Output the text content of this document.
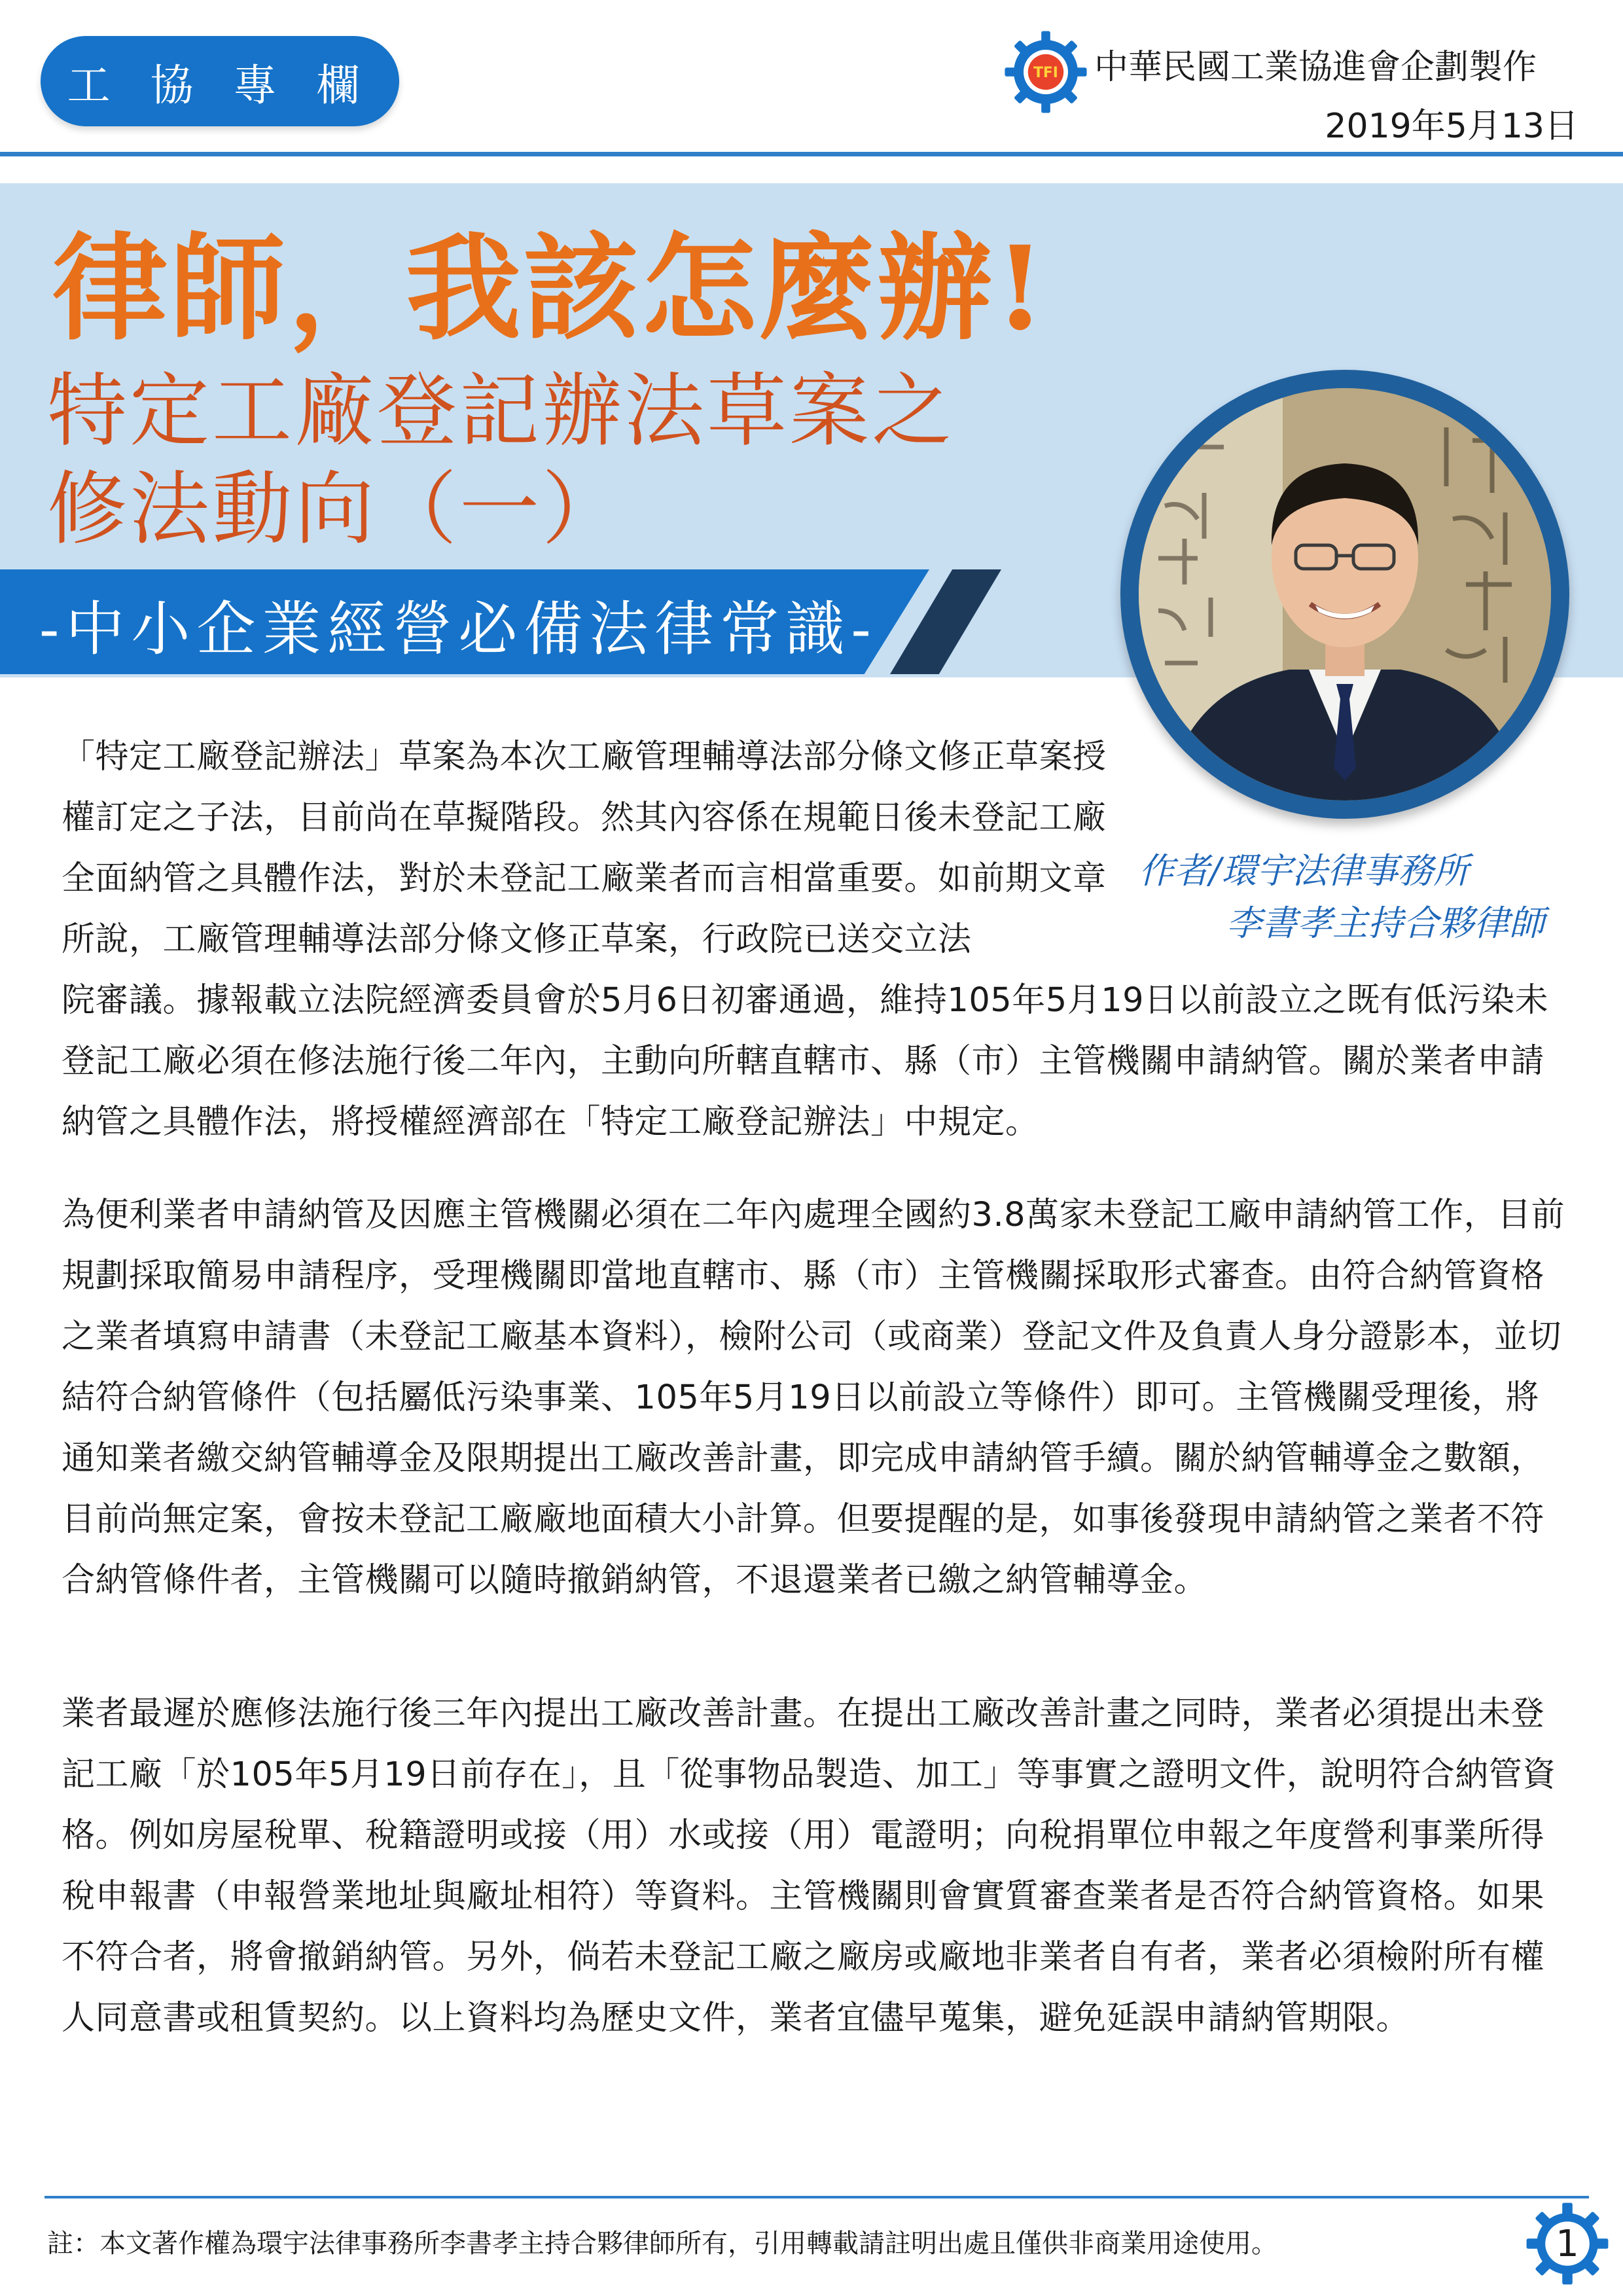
工 協 專 欄	TFI 中華民國工業協進會企劃製作
2019年5月13日
律師，我該怎麼辦!
特定工廠登記辦法草案之
修法動向（一）
-中小企業經營必備法律常識-
作者/環宇法律事務所
李書孝主持合夥律師
「特定工廠登記辦法」草案為本次工廠管理輔導法部分條文修正草案授權訂定之子法，目前尚在草擬階段。然其內容係在規範日後未登記工廠全面納管之具體作法，對於未登記工廠業者而言相當重要。如前期文章所說，工廠管理輔導法部分條文修正草案，行政院已送交立法
院審議。據報載立法院經濟委員會於5月6日初審通過，維持105年5月19日以前設立之既有低污染未登記工廠必須在修法施行後二年內，主動向所轄直轄市、縣（市）主管機關申請納管。關於業者申請納管之具體作法，將授權經濟部在「特定工廠登記辦法」中規定。
為便利業者申請納管及因應主管機關必須在二年內處理全國約3.8萬家未登記工廠申請納管工作，目前規劃採取簡易申請程序，受理機關即當地直轄市、縣（市）主管機關採取形式審查。由符合納管資格之業者填寫申請書（未登記工廠基本資料），檢附公司（或商業）登記文件及負責人身分證影本，並切結符合納管條件（包括屬低污染事業、105年5月19日以前設立等條件）即可。主管機關受理後，將通知業者繳交納管輔導金及限期提出工廠改善計畫，即完成申請納管手續。關於納管輔導金之數額，目前尚無定案，會按未登記工廠廠地面積大小計算。但要提醒的是，如事後發現申請納管之業者不符合納管條件者，主管機關可以隨時撤銷納管，不退還業者已繳之納管輔導金。
業者最遲於應修法施行後三年內提出工廠改善計畫。在提出工廠改善計畫之同時，業者必須提出未登記工廠「於105年5月19日前存在」，且「從事物品製造、加工」等事實之證明文件，說明符合納管資格。例如房屋稅單、稅籍證明或接（用）水或接（用）電證明；向稅捐單位申報之年度營利事業所得稅申報書（申報營業地址與廠址相符）等資料。主管機關則會實質審查業者是否符合納管資格。如果不符合者，將會撤銷納管。另外，倘若未登記工廠之廠房或廠地非業者自有者，業者必須檢附所有權人同意書或租賃契約。以上資料均為歷史文件，業者宜儘早蒐集，避免延誤申請納管期限。
註：本文著作權為環宇法律事務所李書孝主持合夥律師所有，引用轉載請註明出處且僅供非商業用途使用。	1
